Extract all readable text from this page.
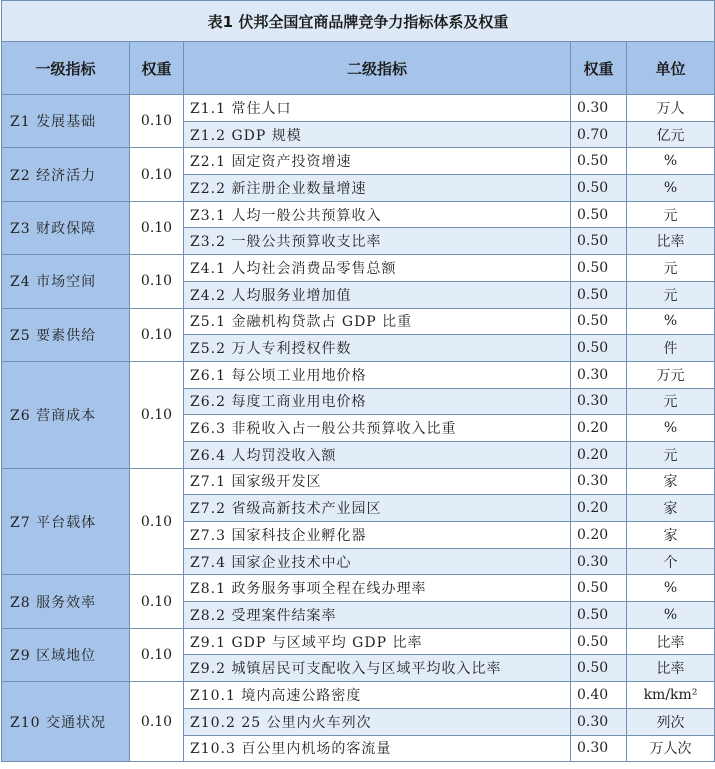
表1 伏邦全国宜商品牌竞争力指标体系及权重				
一级指标	权重	二级指标	权重	单位
Z1 发展基础	0.10	Z1.1 常住人口	0.30	万人
		Z1.2 GDP 规模	0.70	亿元
Z2 经济活力	0.10	Z2.1 固定资产投资增速	0.50	%
		Z2.2 新注册企业数量增速	0.50	%
Z3 财政保障	0.10	Z3.1 人均一般公共预算收入	0.50	元
		Z3.2 一般公共预算收支比率	0.50	比率
Z4 市场空间	0.10	Z4.1 人均社会消费品零售总额	0.50	元
		Z4.2 人均服务业增加值	0.50	元
Z5 要素供给	0.10	Z5.1 金融机构贷款占 GDP 比重	0.50	%
		Z5.2 万人专利授权件数	0.50	件
Z6 营商成本	0.10	Z6.1 每公顷工业用地价格	0.30	万元
		Z6.2 每度工商业用电价格	0.30	元
		Z6.3 非税收入占一般公共预算收入比重	0.20	%
		Z6.4 人均罚没收入额	0.20	元
Z7 平台载体	0.10	Z7.1 国家级开发区	0.30	家
		Z7.2 省级高新技术产业园区	0.20	家
		Z7.3 国家科技企业孵化器	0.20	家
		Z7.4 国家企业技术中心	0.30	个
Z8 服务效率	0.10	Z8.1 政务服务事项全程在线办理率	0.50	%
		Z8.2 受理案件结案率	0.50	%
Z9 区域地位	0.10	Z9.1 GDP 与区域平均 GDP 比率	0.50	比率
		Z9.2 城镇居民可支配收入与区域平均收入比率	0.50	比率
Z10 交通状况	0.10	Z10.1 境内高速公路密度	0.40	km/km²
		Z10.2 25 公里内火车列次	0.30	列次
		Z10.3 百公里内机场的客流量	0.30	万人次
